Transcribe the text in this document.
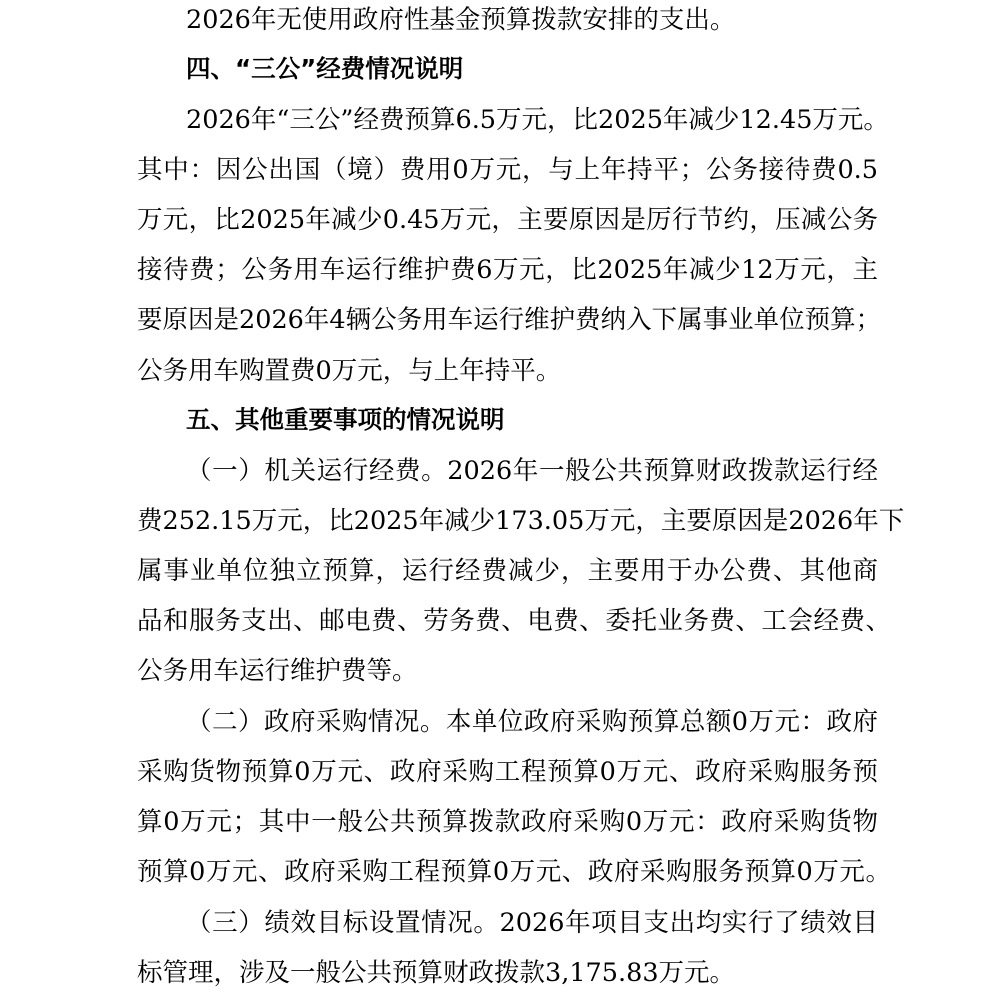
2026年无使用政府性基金预算拨款安排的支出。
四、“三公”经费情况说明
2026年“三公”经费预算6.5万元，比2025年减少12.45万元。
其中：因公出国（境）费用0万元，与上年持平；公务接待费0.5
万元，比2025年减少0.45万元，主要原因是厉行节约，压减公务
接待费；公务用车运行维护费6万元，比2025年减少12万元，主
要原因是2026年4辆公务用车运行维护费纳入下属事业单位预算；
公务用车购置费0万元，与上年持平。
五、其他重要事项的情况说明
（一）机关运行经费。2026年一般公共预算财政拨款运行经
费252.15万元，比2025年减少173.05万元，主要原因是2026年下
属事业单位独立预算，运行经费减少，主要用于办公费、其他商
品和服务支出、邮电费、劳务费、电费、委托业务费、工会经费、
公务用车运行维护费等。
（二）政府采购情况。本单位政府采购预算总额0万元：政府
采购货物预算0万元、政府采购工程预算0万元、政府采购服务预
算0万元；其中一般公共预算拨款政府采购0万元：政府采购货物
预算0万元、政府采购工程预算0万元、政府采购服务预算0万元。
（三）绩效目标设置情况。2026年项目支出均实行了绩效目
标管理，涉及一般公共预算财政拨款3,175.83万元。
